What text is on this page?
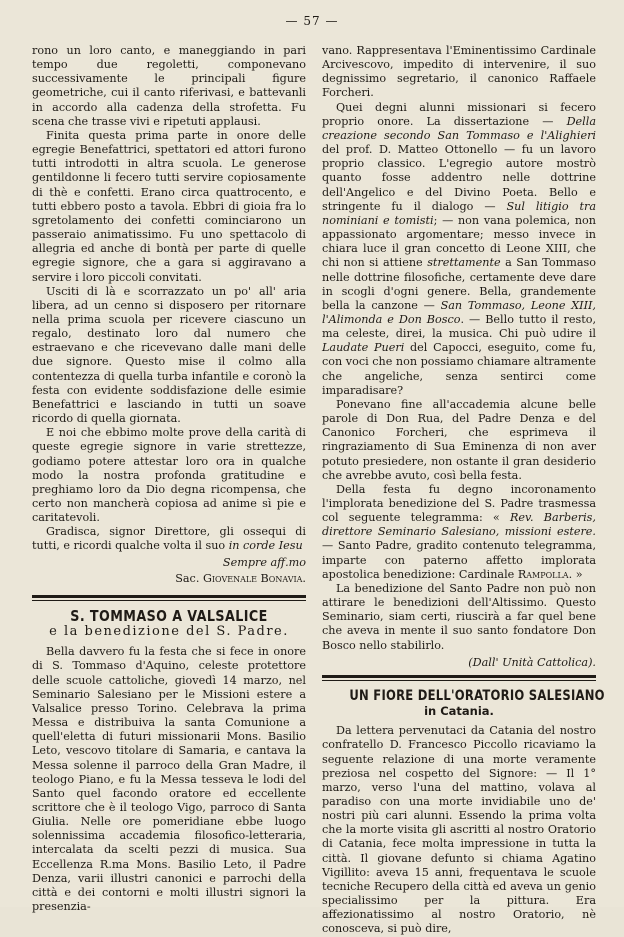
— 57 —

rono un loro canto, e maneggiando in pari tempo due regoletti, componevano successivamente le principali figure geometriche, cui il canto riferivasi, e battevanli in accordo alla cadenza della strofetta. Fu scena che trasse vivi e ripetuti applausi.

Finita questa prima parte in onore delle egregie Benefattrici, spettatori ed attori furono tutti introdotti in altra scuola. Le generose gentildonne li fecero tutti servire copiosamente di thè e confetti. Erano circa quattrocento, e tutti ebbero posto a tavola. Ebbri di gioia fra lo sgretolamento dei confetti cominciarono un passeraio animatissimo. Fu uno spettacolo di allegria ed anche di bontà per parte di quelle egregie signore, che a gara si aggiravano a servire i loro piccoli convitati.

Usciti di là e scorrazzato un po' all' aria libera, ad un cenno si disposero per ritornare nella prima scuola per ricevere ciascuno un regalo, destinato loro dal numero che estraevano e che ricevevano dalle mani delle due signore. Questo mise il colmo alla contentezza di quella turba infantile e coronò la festa con evidente soddisfazione delle esimie Benefattrici e lasciando in tutti un soave ricordo di quella giornata.

E noi che ebbimo molte prove della carità di queste egregie signore in varie strettezze, godiamo potere attestar loro ora in qualche modo la nostra profonda gratitudine e preghiamo loro da Dio degna ricompensa, che certo non mancherà copiosa ad anime sì pie e caritatevoli.

Gradisca, signor Direttore, gli ossequi di tutti, e ricordi qualche volta il suo in corde Iesu

Sempre aff.mo
Sac. Giovenale Bonavia.
S. TOMMASO A VALSALICE
e la benedizione del S. Padre.

Bella davvero fu la festa che si fece in onore di S. Tommaso d'Aquino, celeste protettore delle scuole cattoliche, giovedì 14 marzo, nel Seminario Salesiano per le Missioni estere a Valsalice presso Torino. Celebrava la prima Messa e distribuiva la santa Comunione a quell'eletta di futuri missionarii Mons. Basilio Leto, vescovo titolare di Samaria, e cantava la Messa solenne il parroco della Gran Madre, il teologo Piano, e fu la Messa tesseva le lodi del Santo quel facondo oratore ed eccellente scrittore che è il teologo Vigo, parroco di Santa Giulia. Nelle ore pomeridiane ebbe luogo solennissima accademia filosofico-letteraria, intercalata da scelti pezzi di musica. Sua Eccellenza R.ma Mons. Basilio Leto, il Padre Denza, varii illustri canonici e parrochi della città e dei contorni e molti illustri signori la presenzia-

vano. Rappresentava l'Eminentissimo Cardinale Arcivescovo, impedito di intervenire, il suo degnissimo segretario, il canonico Raffaele Forcheri.

Quei degni alunni missionari si fecero proprio onore. La dissertazione — Della creazione secondo San Tommaso e l'Alighieri del prof. D. Matteo Ottonello — fu un lavoro proprio classico. L'egregio autore mostrò quanto fosse addentro nelle dottrine dell'Angelico e del Divino Poeta. Bello e stringente fu il dialogo — Sul litigio tra nominiani e tomisti; — non vana polemica, non appassionato argomentare; messo invece in chiara luce il gran concetto di Leone XIII, che chi non si attiene strettamente a San Tommaso nelle dottrine filosofiche, certamente deve dare in scogli d'ogni genere. Bella, grandemente bella la canzone — San Tommaso, Leone XIII, l'Alimonda e Don Bosco. — Bello tutto il resto, ma celeste, direi, la musica. Chi può udire il Laudate Pueri del Capocci, eseguito, come fu, con voci che non possiamo chiamare altramente che angeliche, senza sentirci come imparadisare?

Ponevano fine all'accademia alcune belle parole di Don Rua, del Padre Denza e del Canonico Forcheri, che esprimeva il ringraziamento di Sua Eminenza di non aver potuto presiedere, non ostante il gran desiderio che avrebbe avuto, così bella festa.

Della festa fu degno incoronamento l'implorata benedizione del S. Padre trasmessa col seguente telegramma: « Rev. Barberis, direttore Seminario Salesiano, missioni estere. — Santo Padre, gradito contenuto telegramma, imparte con paterno affetto implorata apostolica benedizione: Cardinale Rampolla. »

La benedizione del Santo Padre non può non attirare le benedizioni dell'Altissimo. Questo Seminario, siam certi, riuscirà a far quel bene che avevа in mente il suo santo fondatore Don Bosco nello stabilirlo.

(Dall' Unità Cattolica).
UN FIORE DELL'ORATORIO SALESIANO
in Catania.

Da lettera pervenutaci da Catania del nostro confratello D. Francesco Piccollo ricaviamo la seguente relazione di una morte veramente preziosa nel cospetto del Signore: — Il 1° marzo, verso l'una del mattino, volava al paradiso con una morte invidiabile uno de' nostri più cari alunni. Essendo la prima volta che la morte visita gli ascritti al nostro Oratorio di Catania, fece molta impressione in tutta la città. Il giovane defunto si chiama Agatino Vigillito: aveva 15 anni, frequentava le scuole tecniche Recupero della città ed aveva un genio specialissimo per la pittura. Era affezionatissimo al nostro Oratorio, nè conosceva, si può dire,
